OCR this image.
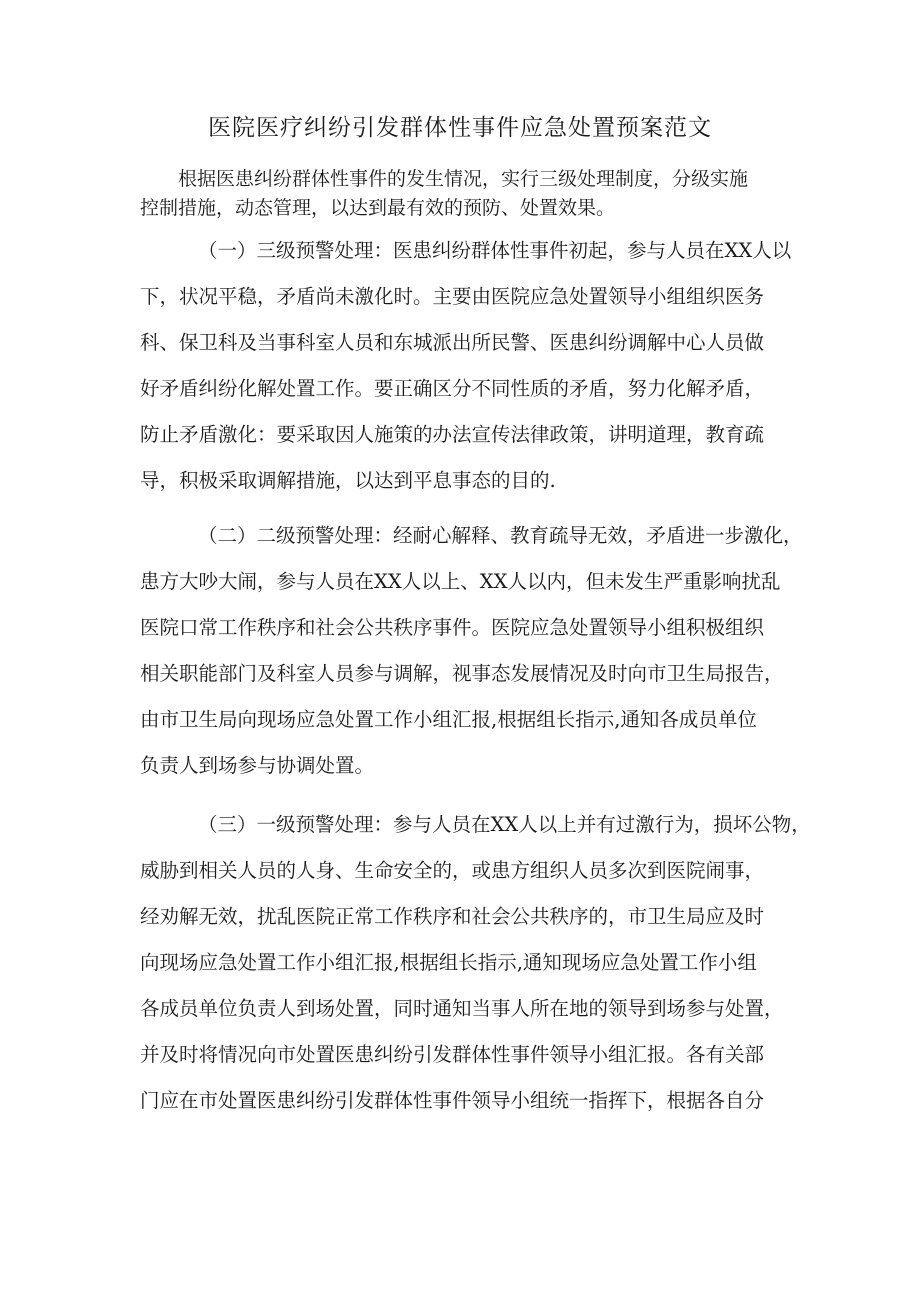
医院医疗纠纷引发群体性事件应急处置预案范文

根据医患纠纷群体性事件的发生情况，实行三级处理制度，分级实施

控制措施，动态管理，以达到最有效的预防、处置效果。

（一）三级预警处理：医患纠纷群体性事件初起，参与人员在XX人以

下，状况平稳，矛盾尚未激化时。主要由医院应急处置领导小组组织医务

科、保卫科及当事科室人员和东城派出所民警、医患纠纷调解中心人员做

好矛盾纠纷化解处置工作。要正确区分不同性质的矛盾，努力化解矛盾，

防止矛盾激化：要采取因人施策的办法宣传法律政策，讲明道理，教育疏

导，积极采取调解措施，以达到平息事态的目的.

（二）二级预警处理：经耐心解释、教育疏导无效，矛盾进一步激化，

患方大吵大闹，参与人员在XX人以上、XX人以内，但未发生严重影响扰乱

医院口常工作秩序和社会公共秩序事件。医院应急处置领导小组积极组织

相关职能部门及科室人员参与调解，视事态发展情况及时向市卫生局报告，

由市卫生局向现场应急处置工作小组汇报,根据组长指示,通知各成员单位

负责人到场参与协调处置。

（三）一级预警处理：参与人员在XX人以上并有过激行为，损坏公物，

威胁到相关人员的人身、生命安全的，或患方组织人员多次到医院闹事，

经劝解无效，扰乱医院正常工作秩序和社会公共秩序的，市卫生局应及时

向现场应急处置工作小组汇报,根据组长指示,通知现场应急处置工作小组

各成员单位负责人到场处置，同时通知当事人所在地的领导到场参与处置，

并及时将情况向市处置医患纠纷引发群体性事件领导小组汇报。各有关部

门应在市处置医患纠纷引发群体性事件领导小组统一指挥下，根据各自分
